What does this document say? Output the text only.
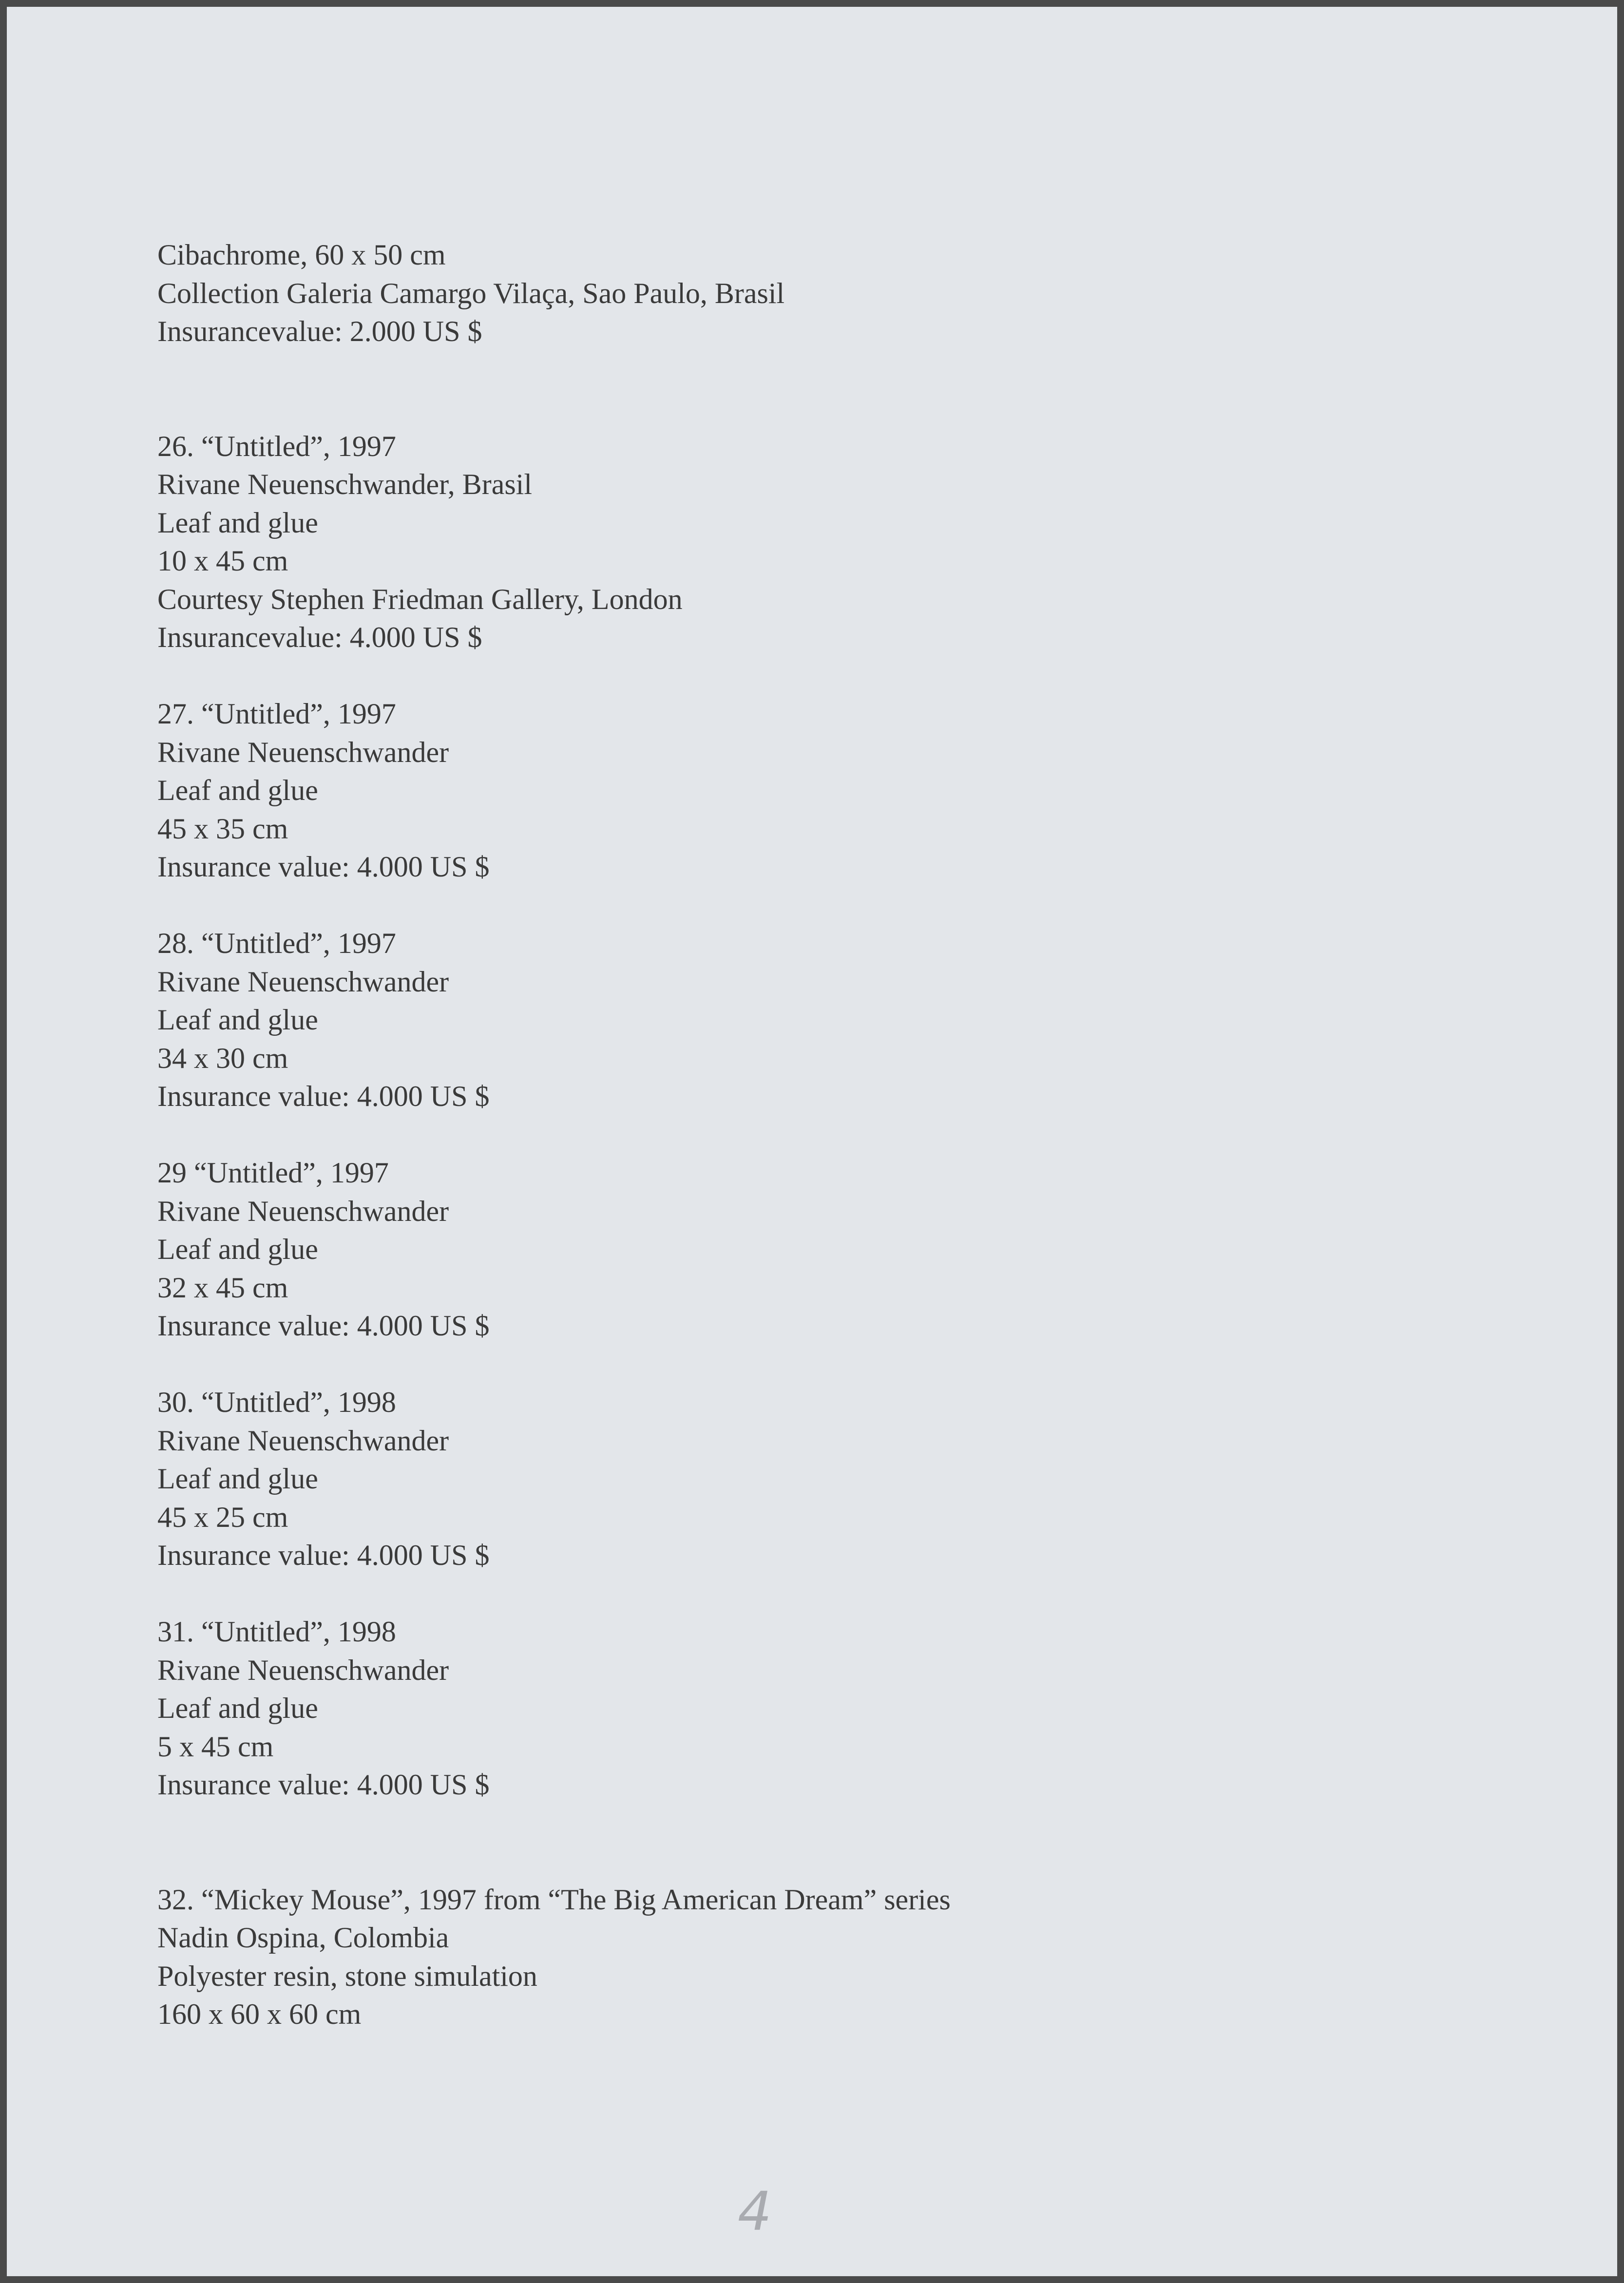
Cibachrome, 60 x 50 cm
Collection Galeria Camargo Vilaça, Sao Paulo, Brasil
Insurancevalue: 2.000 US $
26. “Untitled”, 1997
Rivane Neuenschwander, Brasil
Leaf and glue
10 x 45 cm
Courtesy Stephen Friedman Gallery, London
Insurancevalue: 4.000 US $
27. “Untitled”, 1997
Rivane Neuenschwander
Leaf and glue
45 x 35 cm
Insurance value: 4.000 US $
28. “Untitled”, 1997
Rivane Neuenschwander
Leaf and glue
34 x 30 cm
Insurance value: 4.000 US $
29 “Untitled”, 1997
Rivane Neuenschwander
Leaf and glue
32 x 45 cm
Insurance value: 4.000 US $
30. “Untitled”, 1998
Rivane Neuenschwander
Leaf and glue
45 x 25 cm
Insurance value: 4.000 US $
31. “Untitled”, 1998
Rivane Neuenschwander
Leaf and glue
5 x 45 cm
Insurance value: 4.000 US $
32. “Mickey Mouse”, 1997 from “The Big American Dream” series
Nadin Ospina, Colombia
Polyester resin, stone simulation
160 x 60 x 60 cm
4
